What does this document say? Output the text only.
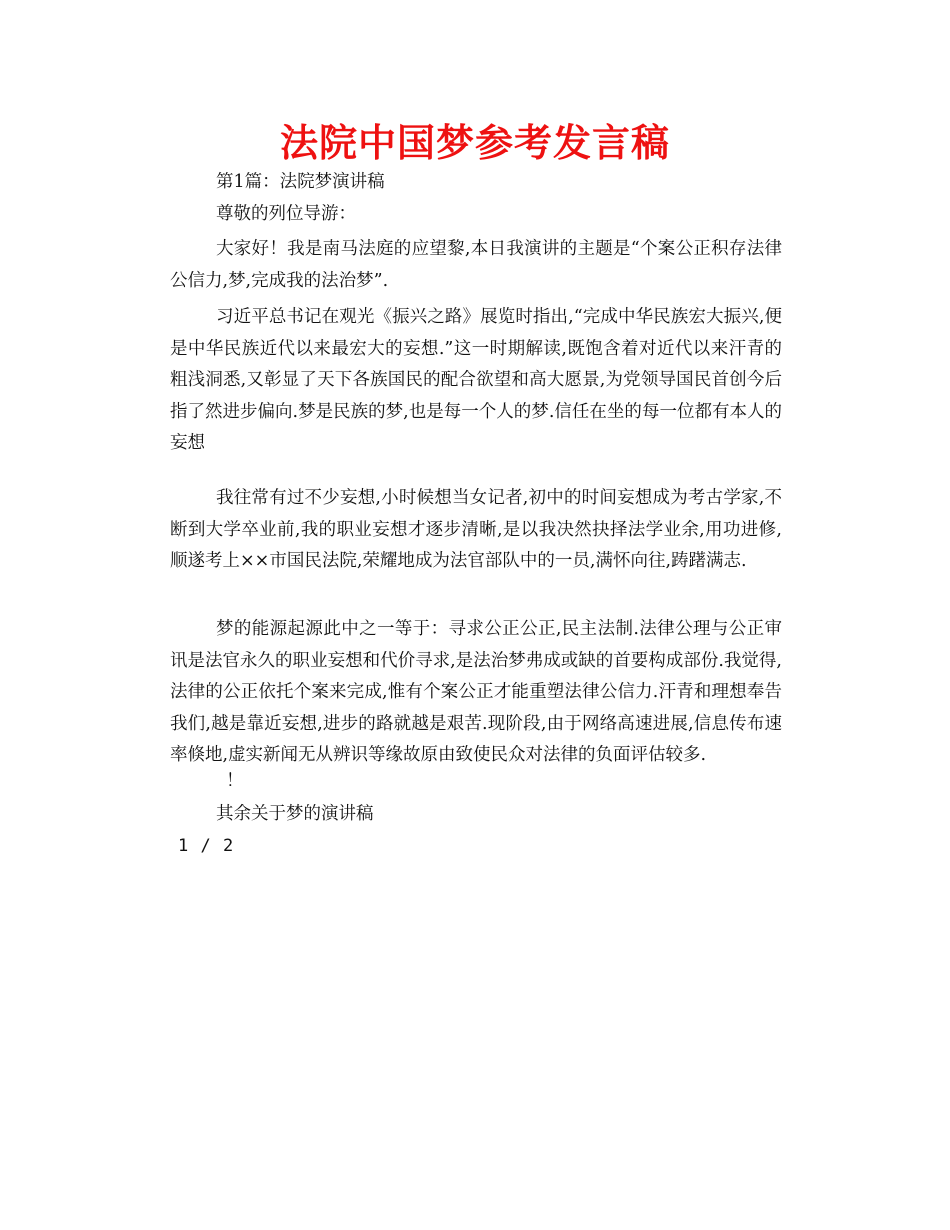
法院中国梦参考发言稿
第1篇：法院梦演讲稿
尊敬的列位导游：
大家好！我是南马法庭的应望黎,本日我演讲的主题是“个案公正积存法律公信力,梦,完成我的法治梦”.
习近平总书记在观光《振兴之路》展览时指出,“完成中华民族宏大振兴,便是中华民族近代以来最宏大的妄想.”这一时期解读,既饱含着对近代以来汗青的粗浅洞悉,又彰显了天下各族国民的配合欲望和高大愿景,为党领导国民首创今后指了然进步偏向.梦是民族的梦,也是每一个人的梦.信任在坐的每一位都有本人的妄想
我往常有过不少妄想,小时候想当女记者,初中的时间妄想成为考古学家,不断到大学卒业前,我的职业妄想才逐步清晰,是以我决然抉择法学业余,用功进修,顺遂考上××市国民法院,荣耀地成为法官部队中的一员,满怀向往,踌躇满志.
梦的能源起源此中之一等于：寻求公正公正,民主法制.法律公理与公正审讯是法官永久的职业妄想和代价寻求,是法治梦弗成或缺的首要构成部份.我觉得,法律的公正依托个案来完成,惟有个案公正才能重塑法律公信力.汗青和理想奉告我们,越是靠近妄想,进步的路就越是艰苦.现阶段,由于网络高速进展,信息传布速率倏地,虚实新闻无从辨识等缘故原由致使民众对法律的负面评估较多.
！
其余关于梦的演讲稿
1 / 2
